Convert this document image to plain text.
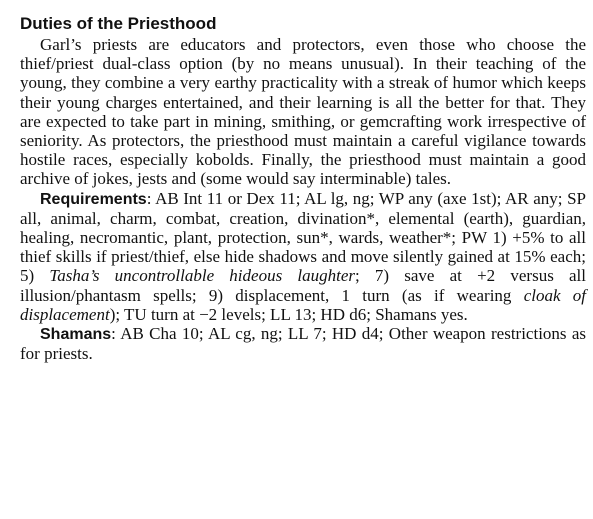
Duties of the Priesthood

Garl’s priests are educators and protectors, even those who choose the thief/priest dual-class option (by no means unusual). In their teaching of the young, they combine a very earthy practicality with a streak of humor which keeps their young charges entertained, and their learning is all the better for that. They are expected to take part in mining, smithing, or gemcrafting work irrespective of seniority. As protectors, the priesthood must maintain a careful vigilance towards hostile races, especially kobolds. Finally, the priesthood must maintain a good archive of jokes, jests and (some would say interminable) tales.

Requirements: AB Int 11 or Dex 11; AL lg, ng; WP any (axe 1st); AR any; SP all, animal, charm, combat, creation, divination*, elemental (earth), guardian, healing, necromantic, plant, protection, sun*, wards, weather*; PW 1) +5% to all thief skills if priest/thief, else hide shadows and move silently gained at 15% each; 5) Tasha’s uncontrollable hideous laughter; 7) save at +2 versus all illusion/phantasm spells; 9) displacement, 1 turn (as if wearing cloak of displacement); TU turn at −2 levels; LL 13; HD d6; Shamans yes.

Shamans: AB Cha 10; AL cg, ng; LL 7; HD d4; Other weapon restrictions as for priests.
